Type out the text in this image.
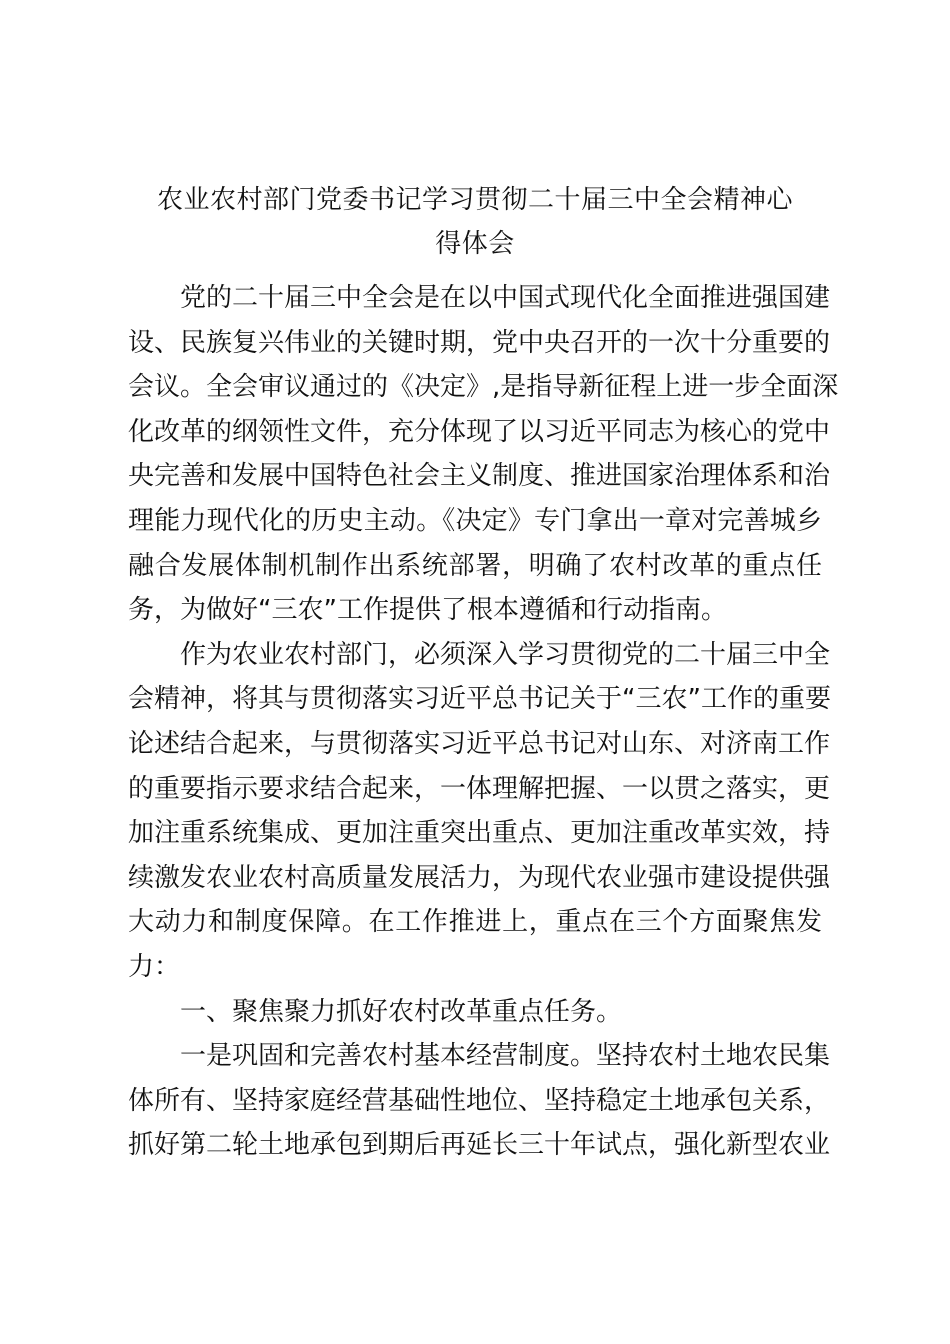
农业农村部门党委书记学习贯彻二十届三中全会精神心
得体会
党的二十届三中全会是在以中国式现代化全面推进强国建
设、民族复兴伟业的关键时期，党中央召开的一次十分重要的
会议。全会审议通过的《决定》,是指导新征程上进一步全面深
化改革的纲领性文件，充分体现了以习近平同志为核心的党中
央完善和发展中国特色社会主义制度、推进国家治理体系和治
理能力现代化的历史主动。《决定》专门拿出一章对完善城乡
融合发展体制机制作出系统部署，明确了农村改革的重点任
务，为做好“三农”工作提供了根本遵循和行动指南。
作为农业农村部门，必须深入学习贯彻党的二十届三中全
会精神，将其与贯彻落实习近平总书记关于“三农”工作的重要
论述结合起来，与贯彻落实习近平总书记对山东、对济南工作
的重要指示要求结合起来，一体理解把握、一以贯之落实，更
加注重系统集成、更加注重突出重点、更加注重改革实效，持
续激发农业农村高质量发展活力，为现代农业强市建设提供强
大动力和制度保障。在工作推进上，重点在三个方面聚焦发
力：
一、聚焦聚力抓好农村改革重点任务。
一是巩固和完善农村基本经营制度。坚持农村土地农民集
体所有、坚持家庭经营基础性地位、坚持稳定土地承包关系，
抓好第二轮土地承包到期后再延长三十年试点，强化新型农业
